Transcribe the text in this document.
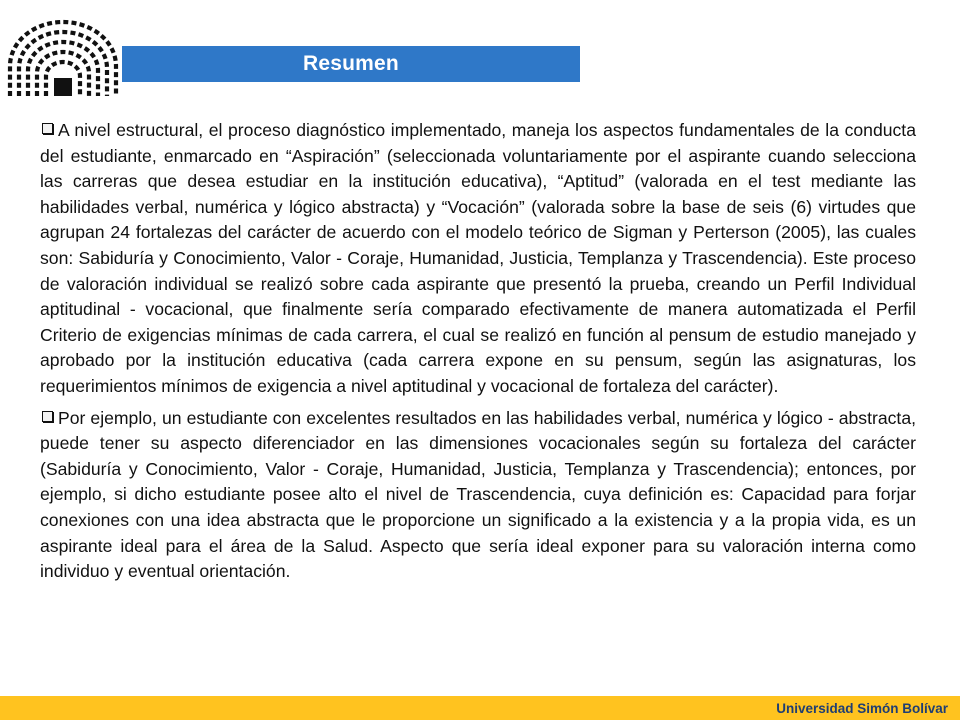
Resumen

A nivel estructural, el proceso diagnóstico implementado, maneja los aspectos fundamentales de la conducta del estudiante, enmarcado en “Aspiración” (seleccionada voluntariamente por el aspirante cuando selecciona las carreras que desea estudiar en la institución educativa), “Aptitud” (valorada en el test mediante las habilidades verbal, numérica y lógico abstracta) y “Vocación” (valorada sobre la base de seis (6) virtudes que agrupan 24 fortalezas del carácter de acuerdo con el modelo teórico de Sigman y Perterson (2005), las cuales son: Sabiduría y Conocimiento, Valor - Coraje, Humanidad, Justicia, Templanza y Trascendencia). Este proceso de valoración individual se realizó sobre cada aspirante que presentó la prueba, creando un Perfil Individual aptitudinal - vocacional, que finalmente sería comparado efectivamente de manera automatizada el Perfil Criterio de exigencias mínimas de cada carrera, el cual se realizó en función al pensum de estudio manejado y aprobado por la institución educativa (cada carrera expone en su pensum, según las asignaturas, los requerimientos mínimos de exigencia a nivel aptitudinal y vocacional de fortaleza del carácter).

Por ejemplo, un estudiante con excelentes resultados en las habilidades verbal, numérica y lógico - abstracta, puede tener su aspecto diferenciador en las dimensiones vocacionales según su fortaleza del carácter (Sabiduría y Conocimiento, Valor - Coraje, Humanidad, Justicia, Templanza y Trascendencia); entonces, por ejemplo, si dicho estudiante posee alto el nivel de Trascendencia, cuya definición es: Capacidad para forjar conexiones con una idea abstracta que le proporcione un significado a la existencia y a la propia vida, es un aspirante ideal para el área de la Salud. Aspecto que sería ideal exponer para su valoración interna como individuo y eventual orientación.

Universidad Simón Bolívar
